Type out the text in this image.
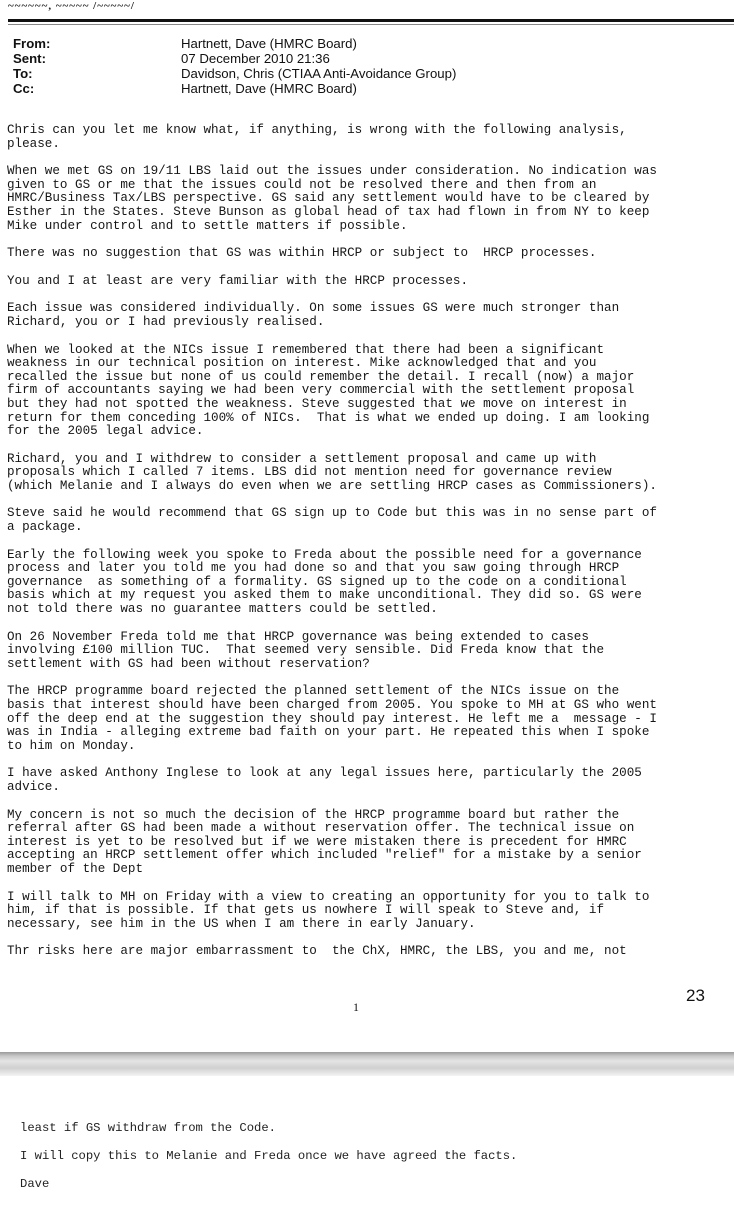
~~~~~~, ~~~~~ /~~~~~/
From:	Hartnett, Dave (HMRC Board)
Sent:	07 December 2010 21:36
To:	Davidson, Chris (CTIAA Anti-Avoidance Group)
Cc:	Hartnett, Dave (HMRC Board)

Chris can you let me know what, if anything, is wrong with the following analysis,
please.

When we met GS on 19/11 LBS laid out the issues under consideration. No indication was
given to GS or me that the issues could not be resolved there and then from an
HMRC/Business Tax/LBS perspective. GS said any settlement would have to be cleared by
Esther in the States. Steve Bunson as global head of tax had flown in from NY to keep
Mike under control and to settle matters if possible.

There was no suggestion that GS was within HRCP or subject to  HRCP processes.

You and I at least are very familiar with the HRCP processes.

Each issue was considered individually. On some issues GS were much stronger than
Richard, you or I had previously realised.

When we looked at the NICs issue I remembered that there had been a significant
weakness in our technical position on interest. Mike acknowledged that and you
recalled the issue but none of us could remember the detail. I recall (now) a major
firm of accountants saying we had been very commercial with the settlement proposal
but they had not spotted the weakness. Steve suggested that we move on interest in
return for them conceding 100% of NICs.  That is what we ended up doing. I am looking
for the 2005 legal advice.

Richard, you and I withdrew to consider a settlement proposal and came up with
proposals which I called 7 items. LBS did not mention need for governance review
(which Melanie and I always do even when we are settling HRCP cases as Commissioners).

Steve said he would recommend that GS sign up to Code but this was in no sense part of
a package.

Early the following week you spoke to Freda about the possible need for a governance
process and later you told me you had done so and that you saw going through HRCP
governance  as something of a formality. GS signed up to the code on a conditional
basis which at my request you asked them to make unconditional. They did so. GS were
not told there was no guarantee matters could be settled.

On 26 November Freda told me that HRCP governance was being extended to cases
involving £100 million TUC.  That seemed very sensible. Did Freda know that the
settlement with GS had been without reservation?

The HRCP programme board rejected the planned settlement of the NICs issue on the
basis that interest should have been charged from 2005. You spoke to MH at GS who went
off the deep end at the suggestion they should pay interest. He left me a  message - I
was in India - alleging extreme bad faith on your part. He repeated this when I spoke
to him on Monday.

I have asked Anthony Inglese to look at any legal issues here, particularly the 2005
advice.

My concern is not so much the decision of the HRCP programme board but rather the
referral after GS had been made a without reservation offer. The technical issue on
interest is yet to be resolved but if we were mistaken there is precedent for HMRC
accepting an HRCP settlement offer which included "relief" for a mistake by a senior
member of the Dept

I will talk to MH on Friday with a view to creating an opportunity for you to talk to
him, if that is possible. If that gets us nowhere I will speak to Steve and, if
necessary, see him in the US when I am there in early January.

Thr risks here are major embarrassment to  the ChX, HMRC, the LBS, you and me, not

23
1

least if GS withdraw from the Code.

I will copy this to Melanie and Freda once we have agreed the facts.

Dave
